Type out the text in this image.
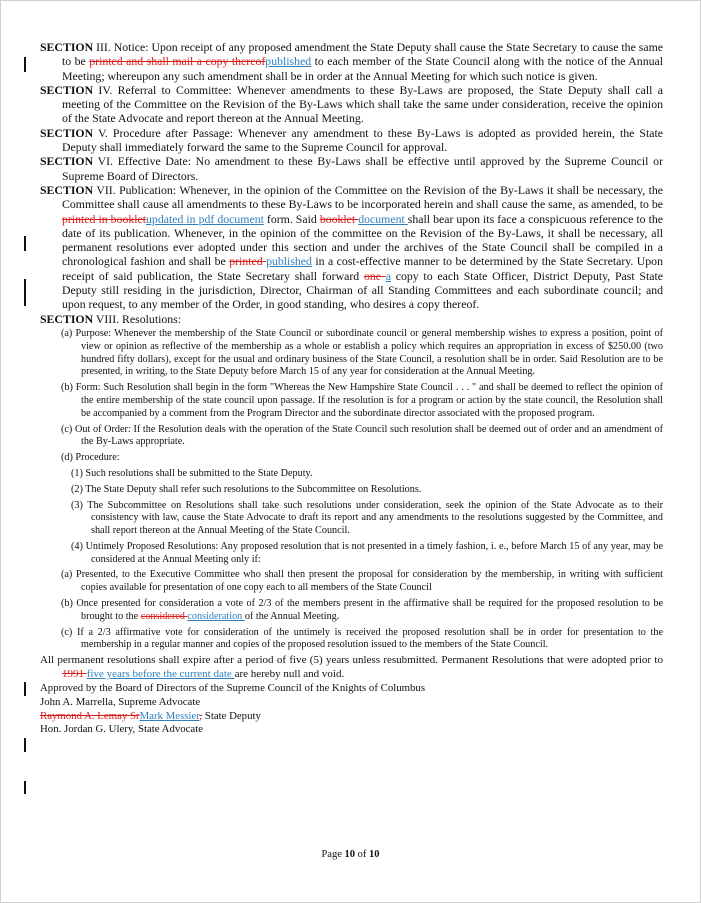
SECTION III. Notice: Upon receipt of any proposed amendment the State Deputy shall cause the State Secretary to cause the same to be printed and shall mail a copy thereofpublished to each member of the State Council along with the notice of the Annual Meeting; whereupon any such amendment shall be in order at the Annual Meeting for which such notice is given.

SECTION IV. Referral to Committee: Whenever amendments to these By-Laws are proposed, the State Deputy shall call a meeting of the Committee on the Revision of the By-Laws which shall take the same under consideration, receive the opinion of the State Advocate and report thereon at the Annual Meeting.

SECTION V. Procedure after Passage: Whenever any amendment to these By-Laws is adopted as provided herein, the State Deputy shall immediately forward the same to the Supreme Council for approval.

SECTION VI. Effective Date: No amendment to these By-Laws shall be effective until approved by the Supreme Council or Supreme Board of Directors.

SECTION VII. Publication: Whenever, in the opinion of the Committee on the Revision of the By-Laws it shall be necessary, the Committee shall cause all amendments to these By-Laws to be incorporated herein and shall cause the same, as amended, to be printed in bookletupdated in pdf document form. Said booklet document shall bear upon its face a conspicuous reference to the date of its publication. Whenever, in the opinion of the committee on the Revision of the By-Laws, it shall be necessary, all permanent resolutions ever adopted under this section and under the archives of the State Council shall be compiled in a chronological fashion and shall be printed published in a cost-effective manner to be determined by the State Secretary. Upon receipt of said publication, the State Secretary shall forward one a copy to each State Officer, District Deputy, Past State Deputy still residing in the jurisdiction, Director, Chairman of all Standing Committees and each subordinate council; and upon request, to any member of the Order, in good standing, who desires a copy thereof.

SECTION VIII. Resolutions:

(a) Purpose: Whenever the membership of the State Council or subordinate council or general membership wishes to express a position, point of view or opinion as reflective of the membership as a whole or establish a policy which requires an appropriation in excess of $250.00 (two hundred fifty dollars), except for the usual and ordinary business of the State Council, a resolution shall be in order. Said Resolution are to be presented, in writing, to the State Deputy before March 15 of any year for consideration at the Annual Meeting.

(b) Form: Such Resolution shall begin in the form "Whereas the New Hampshire State Council . . . " and shall be deemed to reflect the opinion of the entire membership of the state council upon passage. If the resolution is for a program or action by the state council, the Resolution shall be accompanied by a comment from the Program Director and the subordinate director associated with the proposed program.

(c) Out of Order: If the Resolution deals with the operation of the State Council such resolution shall be deemed out of order and an amendment of the By-Laws appropriate.

(d) Procedure:

(1) Such resolutions shall be submitted to the State Deputy.

(2) The State Deputy shall refer such resolutions to the Subcommittee on Resolutions.

(3) The Subcommittee on Resolutions shall take such resolutions under consideration, seek the opinion of the State Advocate as to their consistency with law, cause the State Advocate to draft its report and any amendments to the resolutions suggested by the Committee, and shall report thereon at the Annual Meeting of the State Council.

(4) Untimely Proposed Resolutions: Any proposed resolution that is not presented in a timely fashion, i. e., before March 15 of any year, may be considered at the Annual Meeting only if:

(a) Presented, to the Executive Committee who shall then present the proposal for consideration by the membership, in writing with sufficient copies available for presentation of one copy each to all members of the State Council

(b) Once presented for consideration a vote of 2/3 of the members present in the affirmative shall be required for the proposed resolution to be brought to the considered consideration of the Annual Meeting.

(c) If a 2/3 affirmative vote for consideration of the untimely is received the proposed resolution shall be in order for presentation to the membership in a regular manner and copies of the proposed resolution issued to the members of the State Council.

All permanent resolutions shall expire after a period of five (5) years unless resubmitted. Permanent Resolutions that were adopted prior to 1991 five years before the current date are hereby null and void.

Approved by the Board of Directors of the Supreme Council of the Knights of Columbus

John A. Marrella, Supreme Advocate

Raymond A. Lemay SrMark Messier, State Deputy

Hon. Jordan G. Ulery, State Advocate

Page 10 of 10
